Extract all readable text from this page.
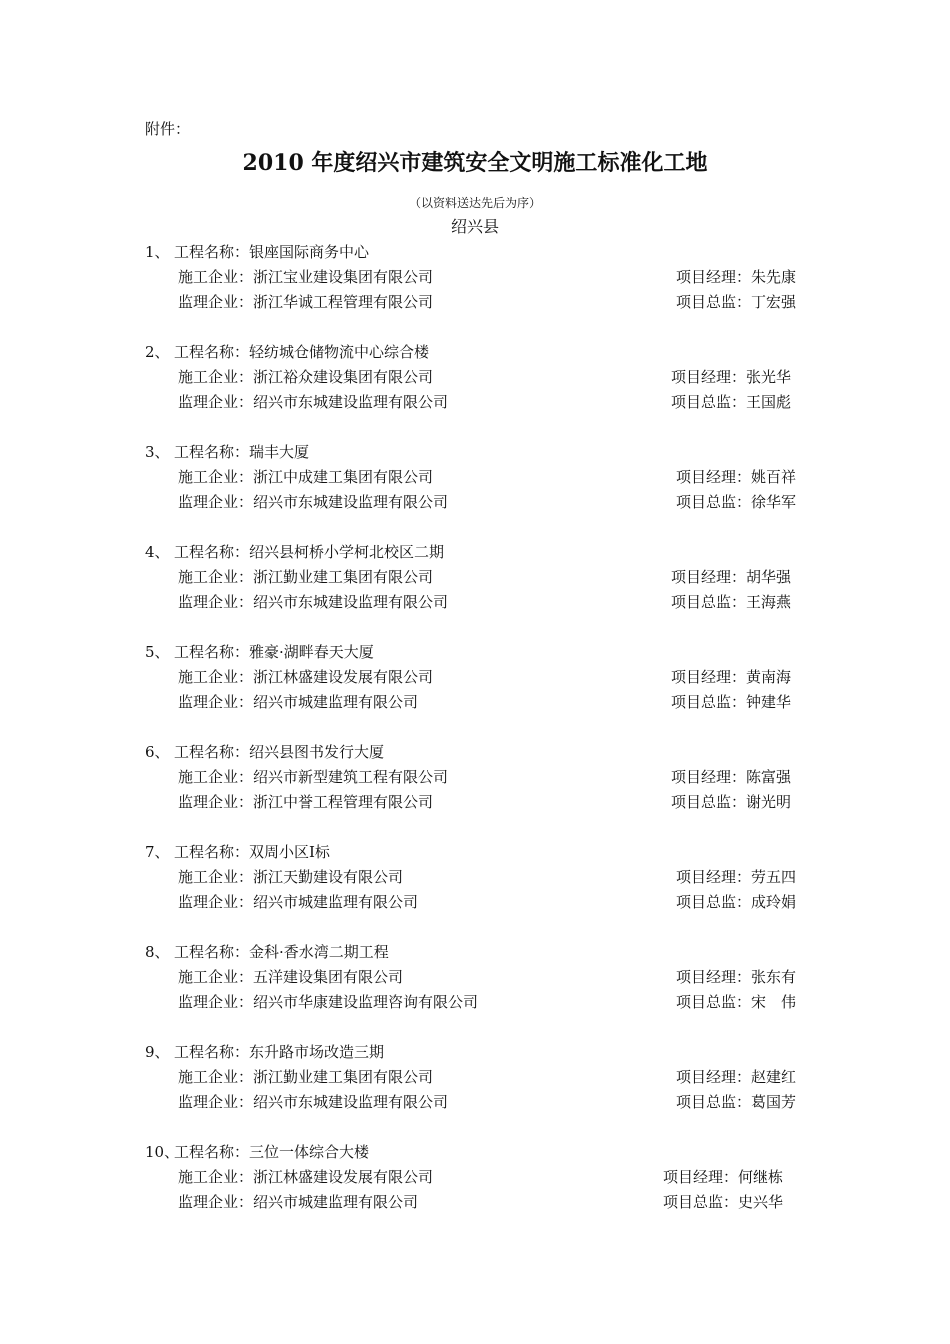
附件：
2010 年度绍兴市建筑安全文明施工标准化工地
（以资料送达先后为序）
绍兴县
1、 工程名称：银座国际商务中心
施工企业：浙江宝业建设集团有限公司	项目经理：朱先康
监理企业：浙江华诚工程管理有限公司	项目总监：丁宏强
2、 工程名称：轻纺城仓储物流中心综合楼
施工企业：浙江裕众建设集团有限公司	项目经理：张光华
监理企业：绍兴市东城建设监理有限公司	项目总监：王国彪
3、 工程名称：瑞丰大厦
施工企业：浙江中成建工集团有限公司	项目经理：姚百祥
监理企业：绍兴市东城建设监理有限公司	项目总监：徐华军
4、 工程名称：绍兴县柯桥小学柯北校区二期
施工企业：浙江勤业建工集团有限公司	项目经理：胡华强
监理企业：绍兴市东城建设监理有限公司	项目总监：王海燕
5、 工程名称：雅豪·湖畔春天大厦
施工企业：浙江林盛建设发展有限公司	项目经理：黄南海
监理企业：绍兴市城建监理有限公司	项目总监：钟建华
6、 工程名称：绍兴县图书发行大厦
施工企业：绍兴市新型建筑工程有限公司	项目经理：陈富强
监理企业：浙江中誉工程管理有限公司	项目总监：谢光明
7、 工程名称：双周小区Ⅰ标
施工企业：浙江天勤建设有限公司	项目经理：劳五四
监理企业：绍兴市城建监理有限公司	项目总监：成玲娟
8、 工程名称：金科·香水湾二期工程
施工企业：五洋建设集团有限公司	项目经理：张东有
监理企业：绍兴市华康建设监理咨询有限公司	项目总监：宋　伟
9、 工程名称：东升路市场改造三期
施工企业：浙江勤业建工集团有限公司	项目经理：赵建红
监理企业：绍兴市东城建设监理有限公司	项目总监：葛国芳
10、
工程名称：三位一体综合大楼
施工企业：浙江林盛建设发展有限公司	项目经理：何继栋
监理企业：绍兴市城建监理有限公司	项目总监：史兴华
